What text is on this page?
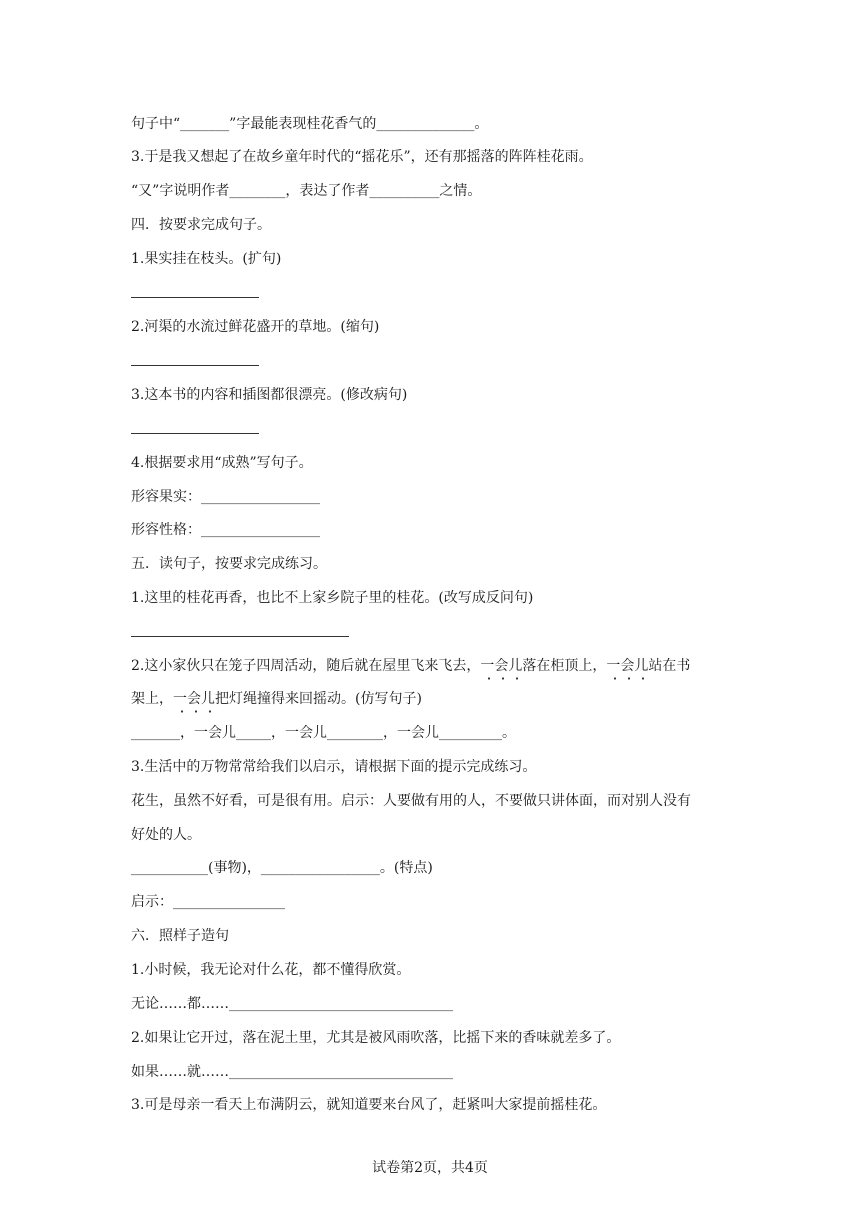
句子中“_______”字最能表现桂花香气的______________。
3.于是我又想起了在故乡童年时代的“摇花乐”，还有那摇落的阵阵桂花雨。
“又”字说明作者________，表达了作者__________之情。
四．按要求完成句子。
1.果实挂在枝头。(扩句)
2.河渠的水流过鲜花盛开的草地。(缩句)
3.这本书的内容和插图都很漂亮。(修改病句)
4.根据要求用“成熟”写句子。
形容果实：_________________
形容性格：_________________
五．读句子，按要求完成练习。
1.这里的桂花再香，也比不上家乡院子里的桂花。(改写成反问句)
2.这小家伙只在笼子四周活动，随后就在屋里飞来飞去，一会儿落在柜顶上，一会儿站在书
架上，一会儿把灯绳撞得来回摇动。(仿写句子)
_______，一会儿_____，一会儿________，一会儿_________。
3.生活中的万物常常给我们以启示，请根据下面的提示完成练习。
花生，虽然不好看，可是很有用。启示：人要做有用的人，不要做只讲体面，而对别人没有
好处的人。
___________(事物)，_________________。(特点)
启示：________________
六．照样子造句
1.小时候，我无论对什么花，都不懂得欣赏。
无论……都……________________________________
2.如果让它开过，落在泥土里，尤其是被风雨吹落，比摇下来的香味就差多了。
如果……就……________________________________
3.可是母亲一看天上布满阴云，就知道要来台风了，赶紧叫大家提前摇桂花。
试卷第2页，共4页
